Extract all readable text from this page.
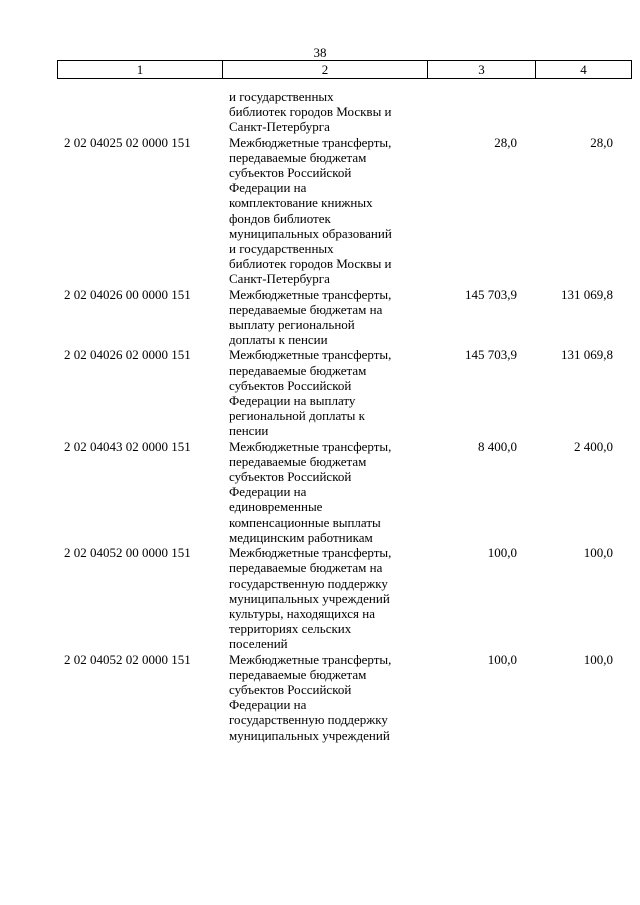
38
1	2	3	4
и государственных
библиотек городов Москвы и
Санкт-Петербурга
2 02 04025 02 0000 151	Межбюджетные трансферты,
передаваемые бюджетам
субъектов Российской
Федерации на
комплектование книжных
фондов библиотек
муниципальных образований
и государственных
библиотек городов Москвы и
Санкт-Петербурга
28,0	28,0
2 02 04026 00 0000 151	Межбюджетные трансферты,
передаваемые бюджетам на
выплату региональной
доплаты к пенсии
145 703,9	131 069,8
2 02 04026 02 0000 151	Межбюджетные трансферты,
передаваемые бюджетам
субъектов Российской
Федерации на выплату
региональной доплаты к
пенсии
145 703,9	131 069,8
2 02 04043 02 0000 151	Межбюджетные трансферты,
передаваемые бюджетам
субъектов Российской
Федерации на
единовременные
компенсационные выплаты
медицинским работникам
8 400,0	2 400,0
2 02 04052 00 0000 151	Межбюджетные трансферты,
передаваемые бюджетам на
государственную поддержку
муниципальных учреждений
культуры, находящихся на
территориях сельских
поселений
100,0	100,0
2 02 04052 02 0000 151	Межбюджетные трансферты,
передаваемые бюджетам
субъектов Российской
Федерации на
государственную поддержку
муниципальных учреждений
100,0	100,0
